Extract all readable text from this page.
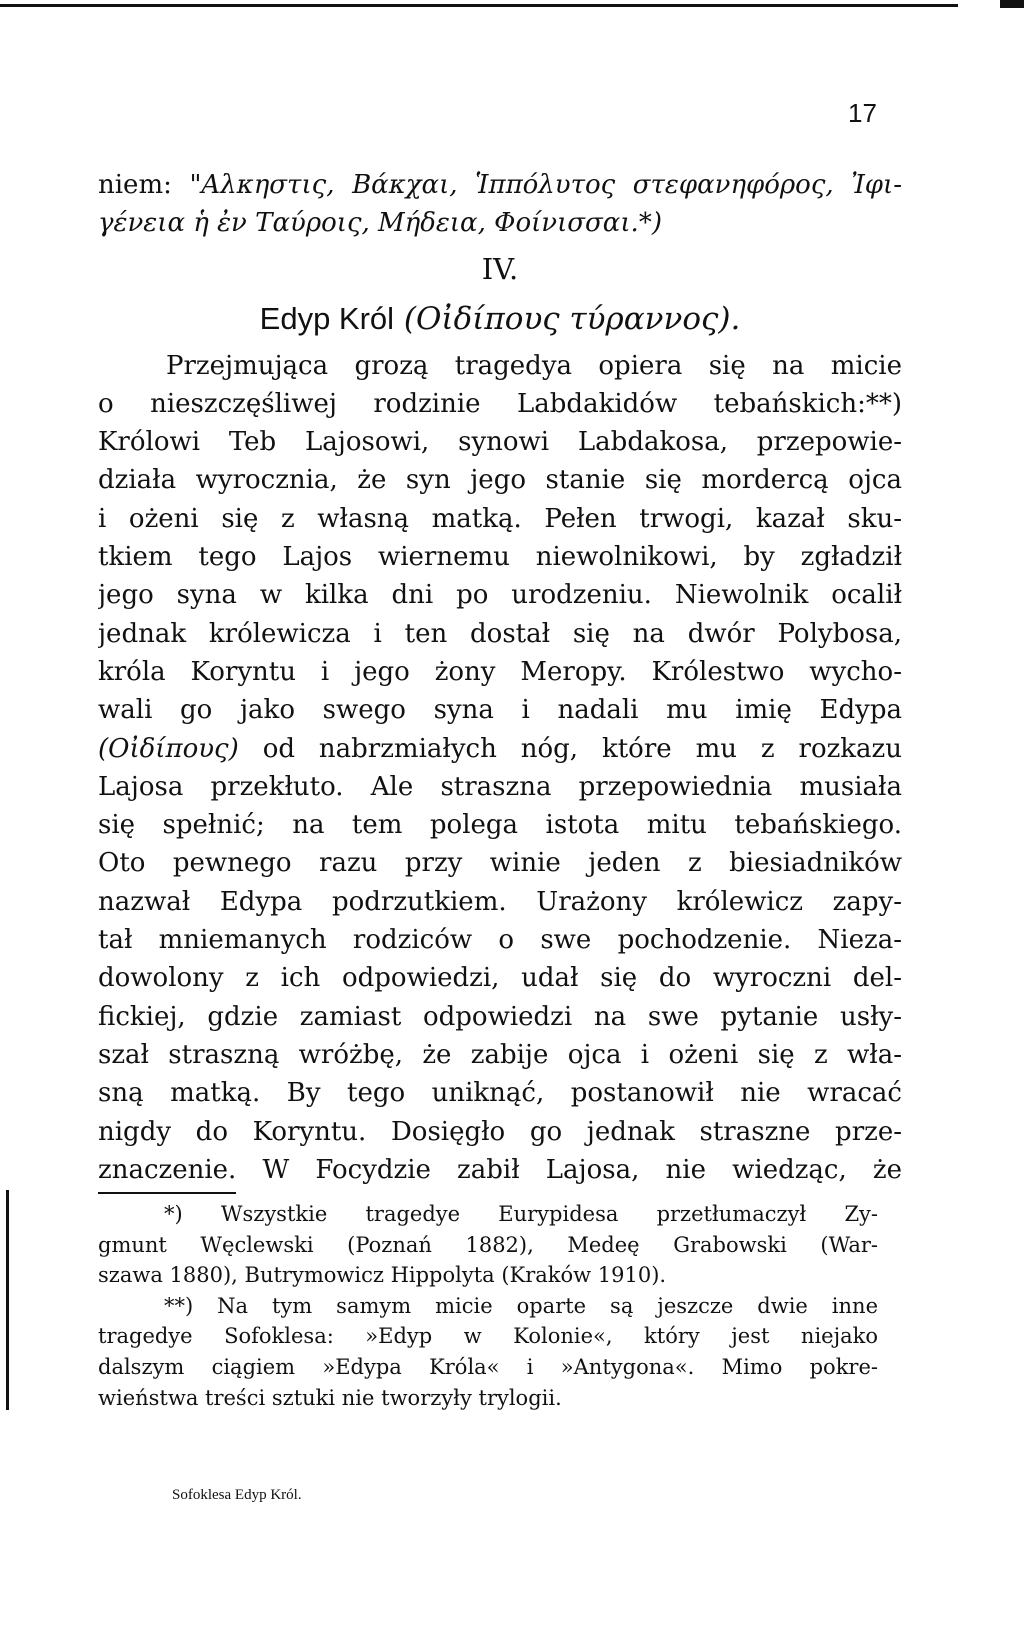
17
niem: "Αλκηστις, Βάκχαι, Ἱππόλυτος στεφανηφόρος, Ἰφι-
γένεια ἡ ἐν Ταύροις, Μήδεια, Φοίνισσαι.*)
IV.
Edyp Król (Οἰδίπους τύραννος).
Przejmująca grozą tragedya opiera się na micie
o nieszczęśliwej rodzinie Labdakidów tebańskich:**)
Królowi Teb Lajosowi, synowi Labdakosa, przepowie-
działa wyrocznia, że syn jego stanie się mordercą ojca
i ożeni się z własną matką. Pełen trwogi, kazał sku-
tkiem tego Lajos wiernemu niewolnikowi, by zgładził
jego syna w kilka dni po urodzeniu. Niewolnik ocalił
jednak królewicza i ten dostał się na dwór Polybosa,
króla Koryntu i jego żony Meropy. Królestwo wycho-
wali go jako swego syna i nadali mu imię Edypa
(Οἰδίπους) od nabrzmiałych nóg, które mu z rozkazu
Lajosa przekłuto. Ale straszna przepowiednia musiała
się spełnić; na tem polega istota mitu tebańskiego.
Oto pewnego razu przy winie jeden z biesiadników
nazwał Edypa podrzutkiem. Urażony królewicz zapy-
tał mniemanych rodziców o swe pochodzenie. Nieza-
dowolony z ich odpowiedzi, udał się do wyroczni del-
fickiej, gdzie zamiast odpowiedzi na swe pytanie usły-
szał straszną wróżbę, że zabije ojca i ożeni się z wła-
sną matką. By tego uniknąć, postanowił nie wracać
nigdy do Koryntu. Dosięgło go jednak straszne prze-
znaczenie. W Focydzie zabił Lajosa, nie wiedząc, że
*) Wszystkie tragedye Eurypidesa przetłumaczył Zy-
gmunt Węclewski (Poznań 1882), Medeę Grabowski (War-
szawa 1880), Butrymowicz Hippolyta (Kraków 1910).
**) Na tym samym micie oparte są jeszcze dwie inne
tragedye Sofoklesa: »Edyp w Kolonie«, który jest niejako
dalszym ciągiem »Edypa Króla« i »Antygona«. Mimo pokre-
wieństwa treści sztuki nie tworzyły trylogii.
Sofoklesa Edyp Król.
